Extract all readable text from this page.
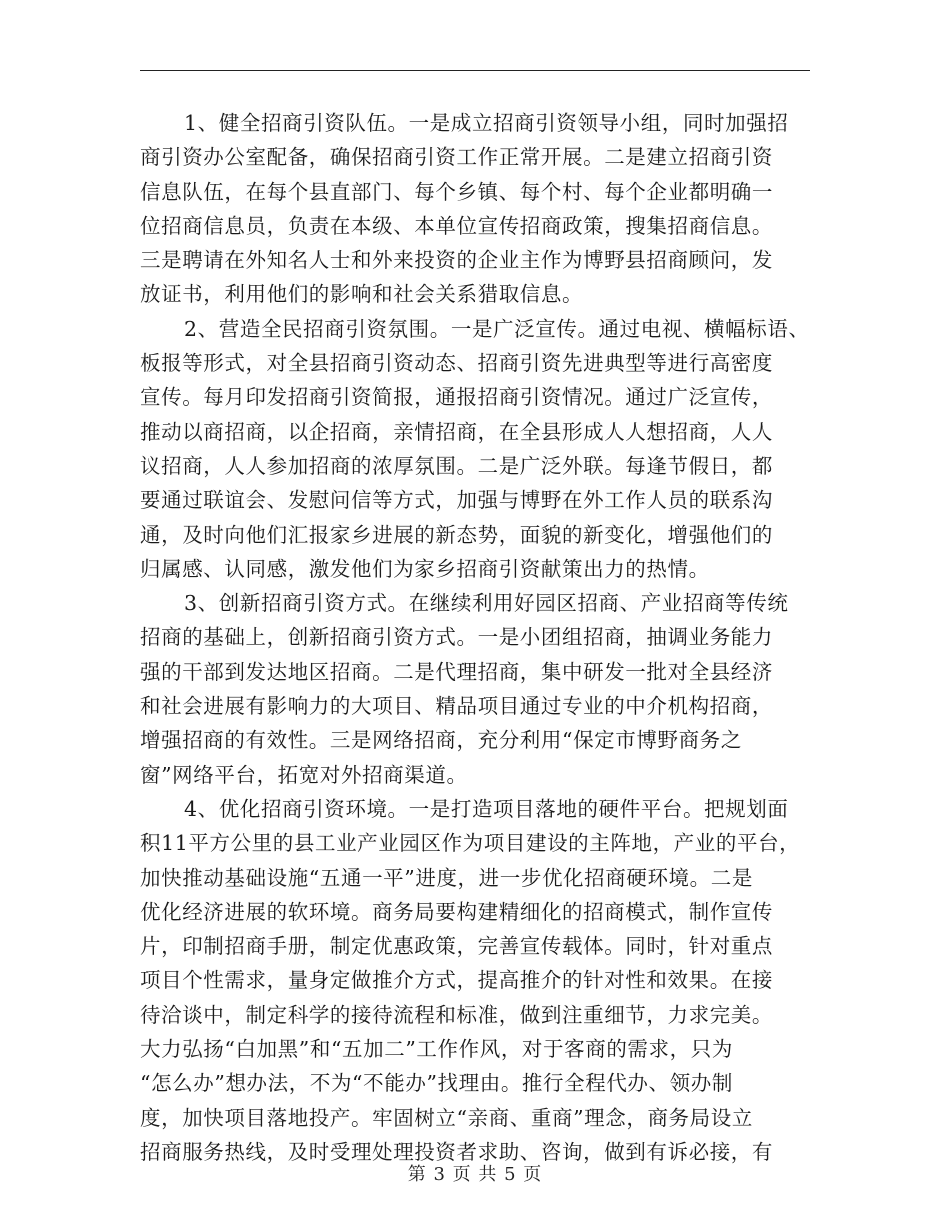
1、健全招商引资队伍。一是成立招商引资领导小组，同时加强招
商引资办公室配备，确保招商引资工作正常开展。二是建立招商引资
信息队伍，在每个县直部门、每个乡镇、每个村、每个企业都明确一
位招商信息员，负责在本级、本单位宣传招商政策，搜集招商信息。
三是聘请在外知名人士和外来投资的企业主作为博野县招商顾问，发
放证书，利用他们的影响和社会关系猎取信息。

2、营造全民招商引资氛围。一是广泛宣传。通过电视、横幅标语、
板报等形式，对全县招商引资动态、招商引资先进典型等进行高密度
宣传。每月印发招商引资简报，通报招商引资情况。通过广泛宣传，
推动以商招商，以企招商，亲情招商，在全县形成人人想招商，人人
议招商，人人参加招商的浓厚氛围。二是广泛外联。每逢节假日，都
要通过联谊会、发慰问信等方式，加强与博野在外工作人员的联系沟
通，及时向他们汇报家乡进展的新态势，面貌的新变化，增强他们的
归属感、认同感，激发他们为家乡招商引资献策出力的热情。

3、创新招商引资方式。在继续利用好园区招商、产业招商等传统
招商的基础上，创新招商引资方式。一是小团组招商，抽调业务能力
强的干部到发达地区招商。二是代理招商，集中研发一批对全县经济
和社会进展有影响力的大项目、精品项目通过专业的中介机构招商，
增强招商的有效性。三是网络招商，充分利用“保定市博野商务之
窗”网络平台，拓宽对外招商渠道。

4、优化招商引资环境。一是打造项目落地的硬件平台。把规划面
积11平方公里的县工业产业园区作为项目建设的主阵地，产业的平台，
加快推动基础设施“五通一平”进度，进一步优化招商硬环境。二是
优化经济进展的软环境。商务局要构建精细化的招商模式，制作宣传
片，印制招商手册，制定优惠政策，完善宣传载体。同时，针对重点
项目个性需求，量身定做推介方式，提高推介的针对性和效果。在接
待洽谈中，制定科学的接待流程和标准，做到注重细节，力求完美。
大力弘扬“白加黑”和“五加二”工作作风，对于客商的需求，只为
“怎么办”想办法，不为“不能办”找理由。推行全程代办、领办制
度，加快项目落地投产。牢固树立“亲商、重商”理念，商务局设立
招商服务热线，及时受理处理投资者求助、咨询，做到有诉必接，有

第 3 页 共 5 页
